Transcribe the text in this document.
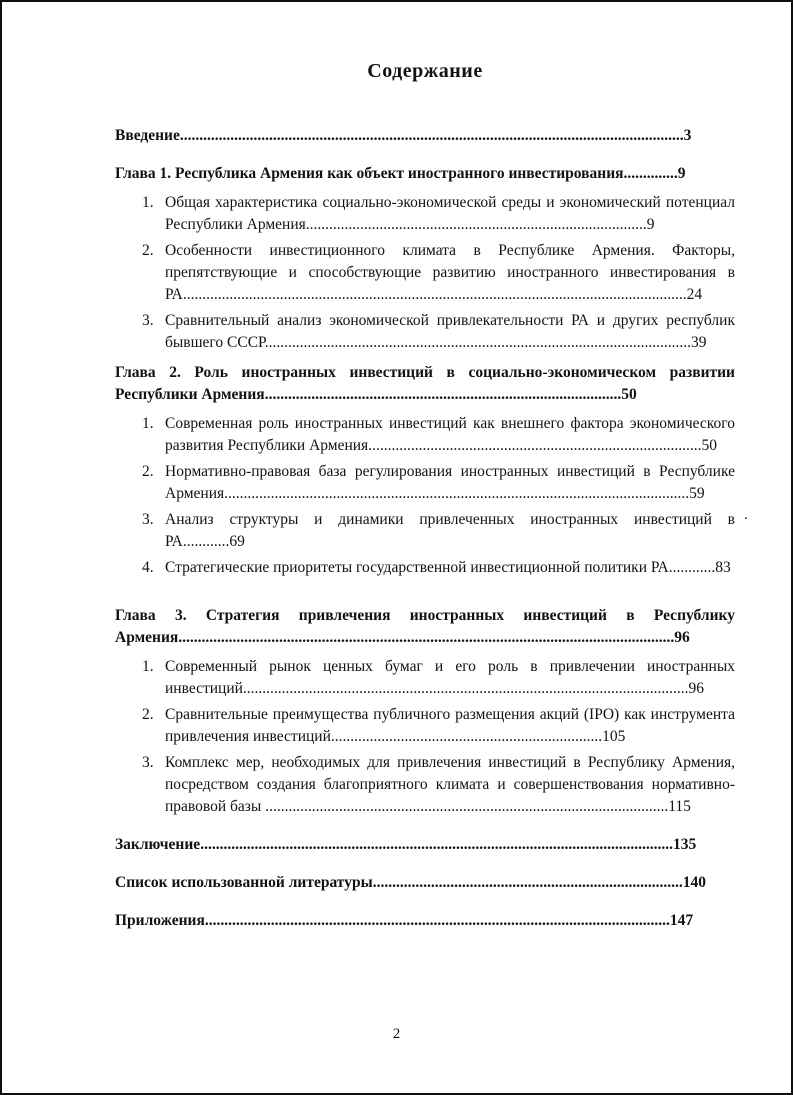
Содержание

Введение..................................................................................................................................3

Глава 1. Республика Армения как объект иностранного инвестирования..............9

1. Общая характеристика социально-экономической среды и экономический потенциал Республики Армения........................................................................................9

2. Особенности инвестиционного климата в Республике Армения. Факторы, препятствующие и способствующие развитию иностранного инвестирования в РА..................................................................................................................................24

3. Сравнительный анализ экономической привлекательности РА и других республик бывшего СССР..............................................................................................................39

Глава 2. Роль иностранных инвестиций в социально-экономическом развитии Республики Армения............................................................................................50

1. Современная роль иностранных инвестиций как внешнего фактора экономического развития Республики Армения......................................................................................50

2. Нормативно-правовая база регулирования иностранных инвестиций в Республике Армения........................................................................................................................59

3. Анализ структуры и динамики привлеченных иностранных инвестиций в РА............69

4. Стратегические приоритеты государственной инвестиционной политики РА............83

Глава 3. Стратегия привлечения иностранных инвестиций в Республику Армения................................................................................................................................96

1. Современный рынок ценных бумаг и его роль в привлечении иностранных инвестиций...................................................................................................................96

2. Сравнительные преимущества публичного размещения акций (IPO) как инструмента привлечения инвестиций......................................................................105

3. Комплекс мер, необходимых для привлечения инвестиций в Республику Армения, посредством создания благоприятного климата и совершенствования нормативно-правовой базы ........................................................................................................115

Заключение..........................................................................................................................135

Список использованной литературы................................................................................140

Приложения........................................................................................................................147

.
2
